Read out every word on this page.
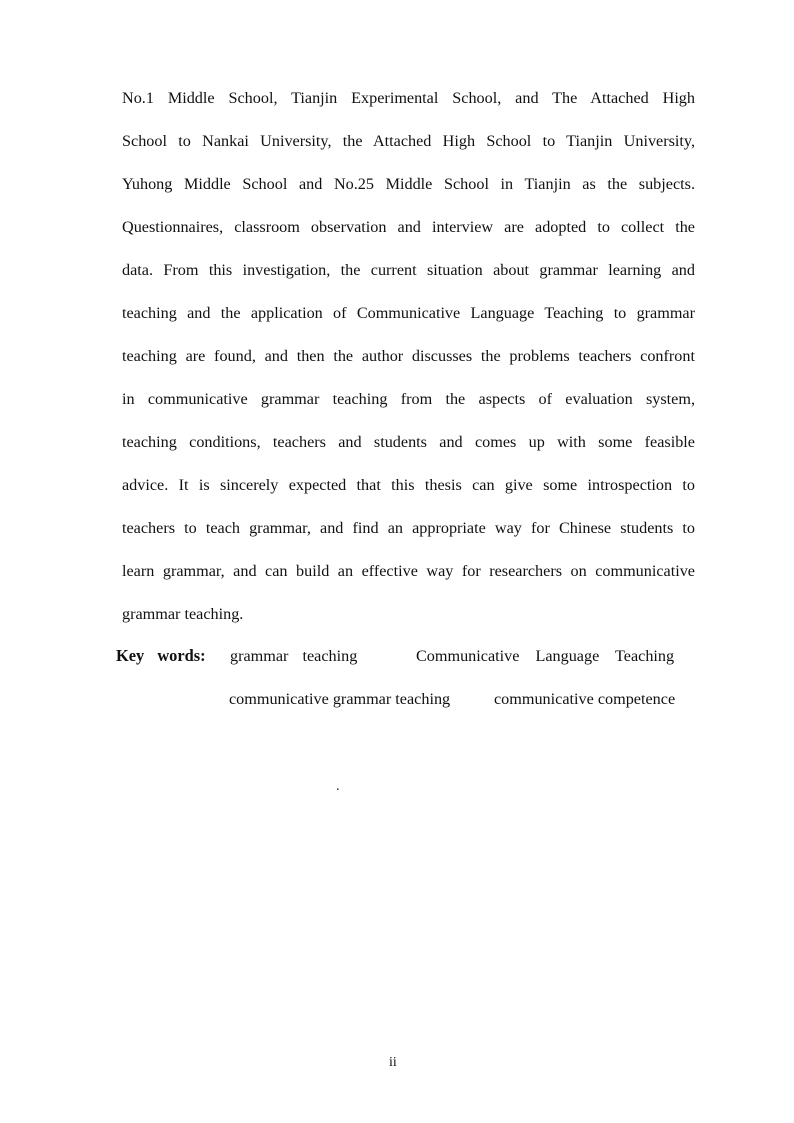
No.1 Middle School, Tianjin Experimental School, and The Attached High
School to Nankai University, the Attached High School to Tianjin University,
Yuhong Middle School and No.25 Middle School in Tianjin as the subjects.
Questionnaires, classroom observation and interview are adopted to collect the
data. From this investigation, the current situation about grammar learning and
teaching and the application of Communicative Language Teaching to grammar
teaching are found, and then the author discusses the problems teachers confront
in communicative grammar teaching from the aspects of evaluation system,
teaching conditions, teachers and students and comes up with some feasible
advice. It is sincerely expected that this thesis can give some introspection to
teachers to teach grammar, and find an appropriate way for Chinese students to
learn grammar, and can build an effective way for researchers on communicative
grammar teaching.
Key words: grammar teaching	Communicative Language Teaching
communicative grammar teaching	communicative competence
.
ii
